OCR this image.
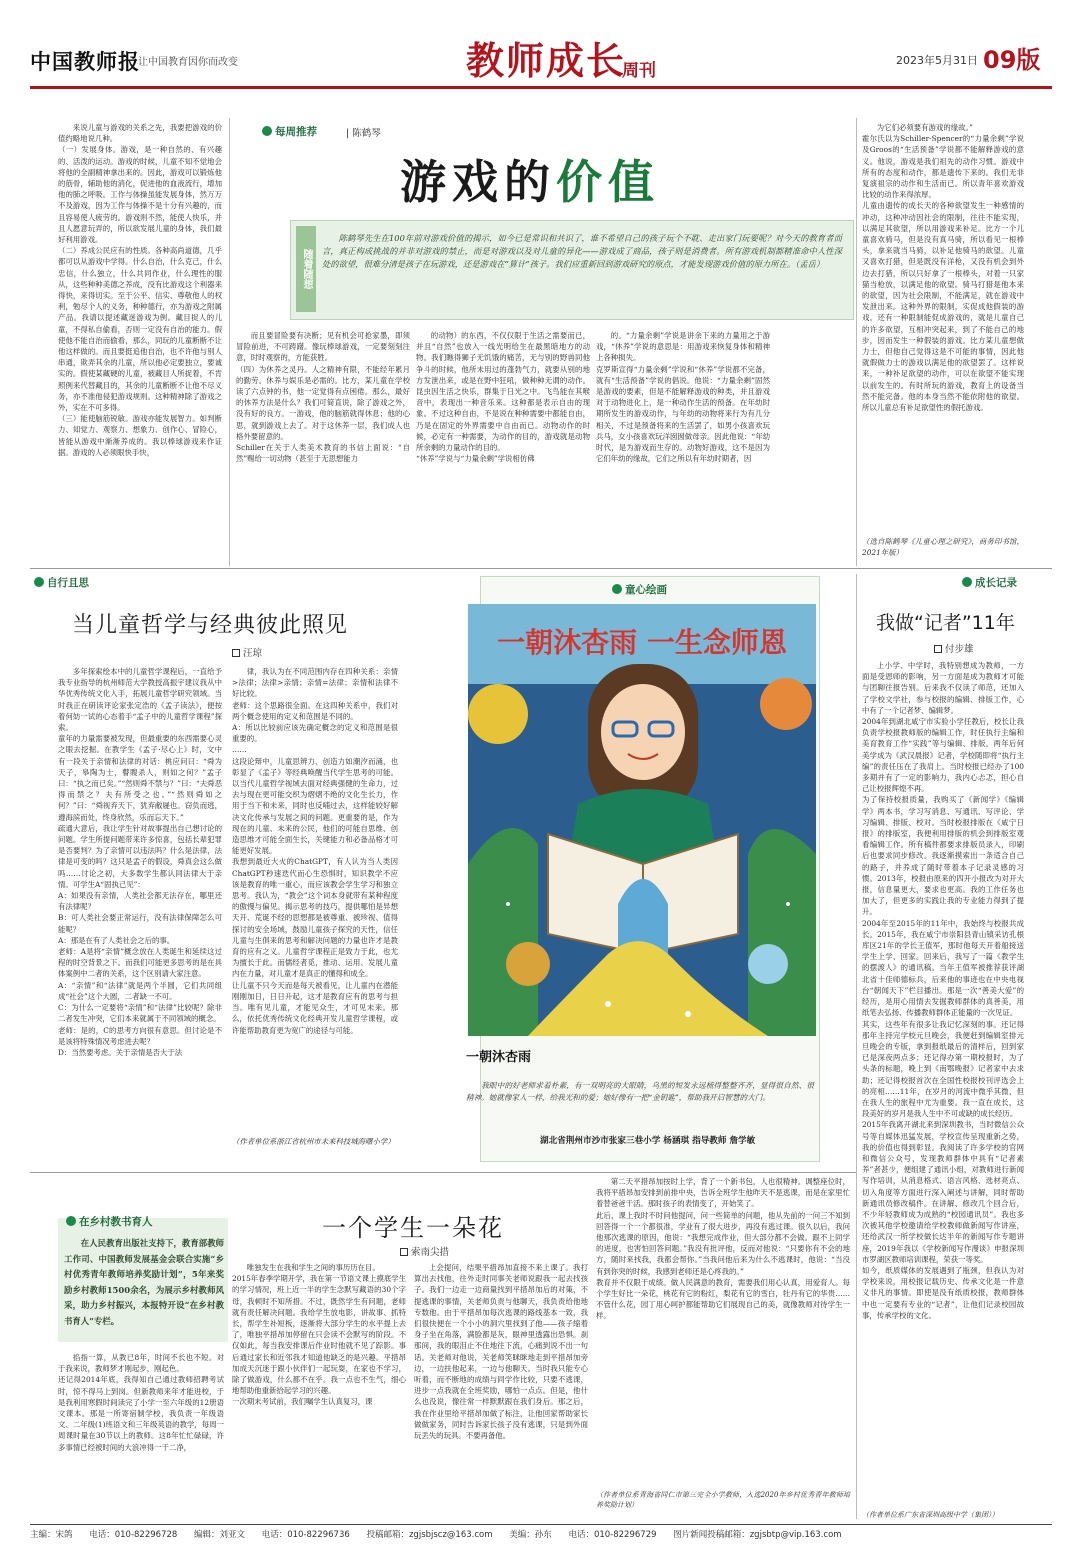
中国教师报
让中国教育因你而改变	教师成长
周刊
2023年5月31日 09版
来说儿童与游戏的关系之先，我要把游戏的价值约略地说几种。
（一）发展身体。游戏，是一种自然的、有兴趣的、活泼的运动。游戏的时候，儿童不知不觉地会将他的全副精神拿出来的。因此，游戏可以锻炼他的筋骨，辅助他的消化，促进他的血液流行，增加他的肺之呼吸。工作与体操虽能发展身体，然万万不及游戏，因为工作与体操不是十分有兴趣的，而且容易使人疲劳的。游戏则不然，能使人快乐，并且人愿意玩弄的，所以欲发展儿童的身体，我们最好利用游戏。
（二）养成公民应有的性质。各种高尚道德，几乎都可以从游戏中学得。什么自治，什么克己，什么忠信，什么独立，什么共同作业，什么理性的服从，这些种种美德之养成，没有比游戏这个利器来得快，来得切实。至于公平、信实、尊敬他人的权利，勉尽个人的义务，种种德行，亦为游戏之附属产品。我请以提述藏迷游戏为例。藏目捉人的儿童，不得私自偷看，否则一定没有自治的能力。假使他不能自治而偷看，那么，同玩的儿童断断不让他这样做的。而且要挺追他自治，也不许他与别人串通，欺弄其余的儿童，所以他必定要独立，要诚实的。假使某藏硬的儿童，被藏目人所捉着，不肯照例来代替藏目的，其余的儿童断断不让他不尽义务，亦不准他侵犯游戏规则。这种精神除了游戏之外，实在不可多得。
（三）能使脑筋锐敏。游戏亦能发展智力。如判断力、知觉力、观察力、想象力、创作心、冒险心，皆能从游戏中渐渐养成的。我以棒球游戏来作证据。游戏的人必须眼快手快，
每周推荐	| 陈鹤琴
游戏的价值
随着随想
陈鹤琴先生在100年前对游戏价值的揭示，如今已是常识和共识了，谁不希望自己的孩子玩个不耽、走出家门玩要呢？对今天的教育者而言，真正构成挑战的并非对游戏的禁止，而是对游戏以及对儿童的异化——游戏成了商品，孩子则是消费者。所有游戏机制都精准命中人性深处的欲望，很难分清是孩子在玩游戏，还是游戏在“算计”孩子。我们应重新回到游戏研究的原点，才能发现游戏价值的原力所在。（孟岳）
而且要冒险要有决断；见有机会可抢家墨，即须冒险前进，不可踌躇。像玩棒球游戏，一定要刻刻注意，时时观察的，方能获胜。
（四）为休养之灵丹。人之精神有限，不能经年累月的勤劳。休养与娱乐是必需的。比方，某儿童在学校读了六点钟的书，他一定觉得有点困倦。那么，最好的休养方法是什么？我们可简直说，除了游戏之外，没有好的良方。一游戏，他的脑筋就得休息；他的心思，就到游戏上去了。对于这休养一层，我们成人也格外要留意的。
Schiller在关于人类美术教育的书信上面说：“自然”赐给一切动物（甚至于无思想能力
的动物）的东西，不仅仅限于生活之需要而已，并且“自然”也放入一线光明给生在最黑暗地方的动物。我们瞧得狮子无饥饿的痛苦，无与别的野兽同他争斗的时候，他所未用过的蓬勃气力，就要从别的地方发泄出来，或是在野中狂吼，做种种无谓的动作。昆虫因生活之快乐，群集于日光之中。飞鸟能在其喉音中，表现出一种音乐来。这种都是表示自由的现象。不过这种自由，不是说在种种需要中都能自由，乃是在固定的外界需要中自由而已。动物动作的时候，必定有一种需要，为动作的目的，游戏就是动物所余剩的力量动作的目的。
“休养”学说与“力量余剩”学说相仿佛
的。“力量余剩”学说是讲余下来的力量用之于游戏，“休养”学说的意思是：用游戏来恢复身体和精神上各种损失。
克罗斯宣得“力量余剩”学说和“休养”学说都不完备，就有“生活预备”学说的倡说。他说：“力量余剩”固然是游戏的要素，但是不能解释游戏的种类，并且游戏对于动物进化上，是一种动作生活的预备。在年幼时期所发生的游戏动作，与年幼的动物将来行为有几分相关，不过是预备将来的生活罢了，如男小孩喜欢玩兵马，女小孩喜欢玩洋囡囡做母亲。因此他说：“年幼时代，是为游戏而生存的。动物好游戏，这不是因为它们年幼的缘故，它们之所以有年幼时期者，因
为它们必须要有游戏的缘故。”
霍尔氏以为Schiller-Spencer的“力量余剩”学说及Groos的“生活预备”学说都不能解释游戏的意义。他说，游戏是我们祖先的动作习惯。游戏中所有的态度和动作，都是遗传下来的。我们无非复演祖宗的动作和生活而已。所以青年喜欢游戏比较的动作来得浓厚。
儿童由遗传的成长天的各种欲望发生一种感情的冲动，这种冲动因社会的限制，往往不能实现，以满足其欲望，所以用游戏来补足。比方一个儿童喜欢骑马，但是没有真马骑，所以看见一根棒头，拿来就当马骑，以补足他骑马的欲望。儿童又喜欢打猎，但是既没有洋枪，又没有机会到外边去打猎，所以只好拿了一根棒头，对着一只家猫当枪放，以满足他的欲望。骑马打猎是他本来的欲望，因为社会限制，不能满足，就在游戏中发泄出来。这种外界的限制，实促成他假装的游戏。还有一种限制能促成游戏的，就是儿童自己的许多欲望，互相冲突起来，到了不能自己的地步，因而发生一种假装的游戏。比方某儿童想做力士，但他自己觉得这是不可能的事情，因此他就假做力士的游戏以满足他的欲望罢了。这样说来，一种补足欲望的动作，可以在欲望不能实现以前发生的。有时所玩的游戏，教育上的设备当然不能完备。他的本身当然不能依附他的欲望。所以儿童总有补足欲望性的假托游戏。
（选自陈鹤琴《儿童心理之研究》，商务印书馆，2021年版）
自行且思
当儿童哲学与经典彼此照见
汪琼
多年探索绘本中的儿童哲学课程后，一直给予我专业指导的杭州师范大学教授高振宇建议我从中华优秀传统文化入手，拓展儿童哲学研究领域。当时我正在研读评论家张定浩的《孟子读法》，便按着何妨一试的心态着手“孟子中的儿童哲学课程”探索。
童年的力量需要被发现，但最重要的东西需要心灵之眼去挖掘。在教学生《孟子·尽心上》时，文中有一段关于亲情和法律的对话：桃应问曰：“舜为天子，皋陶为士，瞽瞍杀人，则如之何？”孟子曰：“执之而已矣。”“然则舜不禁与？”曰：“夫舜恶得而禁之？夫有所受之也。”“然则舜如之何？”曰：“舜视弃天下，犹弃敝屣也。窃负而逃，遵海滨而处，终身欣然，乐而忘天下。”
疏通大意后，我让学生针对故事提出自己想讨论的问题。学生所提问题带来许多惊喜，包括长辈犯罪是否要判？为了亲情可以违法吗？什么是法律，法律是可变的吗？这只是孟子的假设，舜真会这么做吗……讨论之初，大多数学生都认同法律大于亲情。可学生A“固执己见”：
A：如果没有亲情，人类社会都无法存在，哪里还有法律呢？
B：可人类社会要正常运行，没有法律保障怎么可能呢？
A：那是在有了人类社会之后的事。
老师：A是将“亲情”概念放在人类诞生和延续这过程的时空背景之下。而我们可能更多思考的是在具体案例中二者的关系，这个区别请大家注意。
A：“亲情”和“法律”就是两个半圆，它们共同组成“社会”这个大圆，二者缺一不可。
C：为什么一定要将“亲情”和“法律”比较呢？除非二者发生冲突，它们本来就属于不同领域的概念。
老师：是的，C的思考方向很有意思。但讨论是不是该将特殊情况考虑进去呢？
D：当然要考虑。关于亲情是否大于法
律，我认为在不同范围内存在四种关系：亲情>法律；法律>亲情；亲情=法律；亲情和法律不好比较。
老师：这个思路很全面。在这四种关系中，我们对两个概念使用的定义和范围是不同的。
A：所以比较前应该先确定概念的定义和范围是很重要的。
……
这段论辩中，儿童思辨力、创造力如潮汐而涌，也彰显了《孟子》等经典唤醒当代学生思考的可能。以当代儿童哲学视域去面对经典强健的生命力，过去与现在更可能交织为熠熠不绝的文化生长力，作用于当下和未来，同时也反哺过去，这样能较好解决文化传承与发展之间的问题。更重要的是，作为现在的儿童、未来的公民，他们的可能自思维、创造思维才可能全面生长，关键能力和必备品格才可能更好发展。
我想到最近大火的ChatGPT，有人认为当人类因ChatGPT秒速迭代而心生恐惧时，知识教学不应该是教育的唯一重心，而应该教会学生学习和独立思考。我认为，“教会”这个词本身就带有某种程度的傲慢与偏见。揭示思考的技巧，提供哪怕是异想天开、荒诞不经的思想都是被尊重、被珍视、值得探讨的安全场域，鼓励儿童孩子探究的天性，信任儿童与生俱来的思考和解决问题的力量也许才是教育的应有之义。儿童哲学课程正是致力于此，也尤为擅长于此。而儒经者觅，推动、运用、发展儿童内在力量，对儿童才是真正的懂得和成全。
让儿童不只今天而是每天被看见，让儿童内在潜能刚刚加日，日日升起，这才是教育应有的思考与担当。唯有见儿童，才能见众生，才可见未来。那么，依托优秀传统文化经典开发儿童哲学课程，或许能帮助教育更为宽广的途径与可能。
（作者单位系浙江省杭州市未来科技城海曙小学）
童心绘画
一朝沐杏雨 一生念师恩
一朝沐杏雨
我眼中的好老师求着朴素，有一双明亮的大眼睛，乌黑的短发永远梳得整整齐齐，显得很自然、很精神。她就像家人一样，给我光和的爱；她好像有一把“金钥匙”，帮助我开启智慧的大门。
湖北省荆州市沙市张家三巷小学 杨涵琪 指导教师 詹学敏
成长记录
我做“记者”11年
付步雄
上小学、中学时，我特别想成为教师，一方面是受恩师的影响，另一方面是成为教师才可能与团聊往报告别。后来我不仅读了师范，还加入了学校文学社，参与校报的编辑、排版工作，心中有了一个记者梦、编辑梦。
2004年到湖北咸宁市实验小学任教后，校长让我负责学校报教师版的编辑工作，时任执行主编和美育教育工作“实践”等与编辑、排版。两年后何美学成为《武汉晨报》记者，学校随即将“执行主编”的责任压在了我肩上。当时校报已经办了100多期并有了一定的影响力，我内心忐忑，担心自己让校报辉煌不再。
为了保持校报质量，我购买了《新闻学》《编辑学》两本书，学习写消息、写通讯、写评论、学习编辑、排版、校对。当时校报排版在《咸宁日报》的排版室，我便利用排版的机会到排版室观看编辑工作。所有稿件都要求排版员录入，印刷后也要求同步修改。我逐渐摸索出一条适合自己的路子，并养成了随时带着本子记录灵感的习惯。2013年，校报由原来的四开小报改为对开大报，信息量更大，要求也更高。我的工作任务也加大了，但更多的实践让我的专业能力得到了提升。
2004年至2015年的11年中，我始终与校报共成长。2015年，我在咸宁市崇阳县青山镇采访孔根库区21年的学长王值军，那时他每天开着船接送学生上学、回家。回来后，我写了一篇《教学生的摆渡人》的通讯稿。当年王值军被推荐获评湖北省十佳师德标兵，后来他的事迹也在中央电视台“朝闻天下”栏目播出。那是一次“善美大爱”的经历，是用心用情去发掘教师群体的真善美，用纸笔去弘扬、传播教师群体正能量的一次见证。
其实，这些年有很多让我记忆深刻的事。还记得那年主持完学校元旦晚会，我便赶到编辑室排元旦晚会的专版，拿到报纸最后的清样后，回到家已是深夜两点多；还记得办第一期校报时，为了头条的标题，晚上到《南鄂晚报》记者家中去求助；还记得校报首次在全国性校报校刊评选会上的亮相……11年，在岁月的河流中微乎其微，但在我人生的旅程中尤为重要。我一直在成长，这段美好的岁月是我人生中不可或缺的成长经历。
2015年我离开湖北来到深圳教书，当时微信公众号等自媒体迅猛发展，学校宣传呈现重新之势，我的价值也得到彰显。我阅读了许多学校的官网和微信公众号，发现教师群体中具有“记者素养”者甚少，便组建了通讯小组，对教师进行新闻写作培训，从消息格式、语言风格、选材亮点、切入角度等方面进行深入阐述与讲解，同时帮助新通讯员修改稿件。在讲解、修改几个回合后，不少年轻教师成为成熟的“校园通讯员”。我也多次被其他学校邀请给学校教师做新闻写作讲座，还给武汉一所学校做长达半年的新闻写作专题讲座，2019年我以《学校新闻写作漫谈》申报深圳市罗湖区教师培训课程，荣获一等奖。
如今，纸质媒体的发展遇到了瓶颈，但我认为对学校来说，用校报记载历史、传承文化是一件意义非凡的事情。即使是没有纸质校报，教师群体中也一定要有专业的“记者”，让他们记录校园故事，传承学校的文化。
（作者单位系广东省深圳高级中学（集团））
在乡村教书育人
在人民教育出版社支持下，教育部教师工作司、中国教师发展基金会联合实施“乡村优秀青年教师培养奖励计划”，5年来奖励乡村教师1500余名，为展示乡村教师风采，助力乡村振兴，本报特开设“在乡村教书育人”专栏。
一个学生一朵花
索南尖措
掐指一算，从教已8年，时间不长也不短。对于我来说，教师梦才刚起步，刚起色。
还记得2014年底，我得知自己通过教师招聘考试时，惊不得马上到岗。但新教师来年才能进校，于是我利用寒假时间读完了小学一至六年级的12册语文课本。那是一所寄宿制学校，我负责一年级语文、二年级(1)班语文和三年级英语的教学，每周一周课时量在30节以上的教师。这8年忙忙碌碌，许多事情已经被时间的大浪冲得一干二净，
唯独发生在我和学生之间的事历历在目。
2015年春季学期开学，我在第一节语文课上摸底学生的学习情况，班上近一半的学生念默写藏语的30个字母，我顿时不知所措。不过，既然学生有问题，老师就有责任解决问题。我给学生放电影，讲故事、抓特长，帮学生补短板，逐渐将大部分学生的水平提上去了，唯独平措昂加停留在只会读不会默写的阶段。不仅如此，每当我安排课后作业时他就不见了踪影。事后通过家长和近邻我才知道他缺乏的是兴趣。平措昂加成天沉迷于跟小伙伴们一起玩耍，在家也不学习，除了做游戏，什么都不在乎。我一点也不生气，细心地帮助他重新拾起学习的兴趣。
一次期末考试前，我们嘱学生认真复习，课
上会提问，结果平措昂加直接不来上课了。我打算出去找他，往外走时同事关老师说跟我一起去找孩子。我们一边走一边商量找到平措昂加后的对策，不提逃课的事情，关老师负责与他聊天，我负责给他地专数他。由于平措昂加每次逃课的路线基本一致，我们很快便在一个小小的洞穴里找到了他——孩子缩着身子坐在角落，满脸都是灰，眼神里透露出恐惧。刹那间，我的眼泪止不住地往下流，心痛到说不出一句话。关老师对他说，关老师笑眯眯地走到平措昂加旁边，一边扶他起来，一边与他聊天。当时我只能专心听着，而不断地的成绩与同学作比较，只要不逃课，进步一点我就在全班奖励，哪怕一点点。但是，他什么也没说，像往常一样默默跟在我们身后。那之后，我在作业里给平措昂加做了标注，让他回家帮助家长做做家务，同时告诉家长孩子没有逃课，只是到外面玩丢失的玩具。不要再备他。
第二天平措昂加按时上学，背了一个新书包，人也很精神。调整座位时，我将平措昂加安排到前排中央，告诉全班学生他昨天不是逃课，而是在家里忙着替爸爸干活。那时孩子的表情变了，开始笑了。
此后，课上我时不时问他提问，问一些简单的问题，他从先前的一问三不知到回答得一个一个都很准，学业有了很大进步，再没有逃过课。很久以后，我问他那次逃课的原因，他说：“我想完成作业，但大部分都不会做。跟不上同学的进度，也害怕回答问题。”我没有批评他，反而对他说：“只要你有不会的地方，随时来找我，我都会帮你。”当我问他后来为什么不逃课时，他说：“当没有到你突的时候，我感到老师还是心疼我的。”
教育并不仅限于成绩。做人民满意的教育，需要我们用心认真，用爱育人。每个学生好比一朵花，桃花有它的粉红，梨花有它的雪白，牡丹有它的华贵……不管什么花，园丁用心呵护都能帮助它们展现自己的美，就像教师对待学生一样。
（作者单位系青海省同仁市第三完全小学教师，入选2020年乡村优秀青年教师培养奖励计划）
主编：宋鸽 电话：010-82296728 编辑：刘亚文 电话：010-82296736 投稿邮箱：zgjsbjscz@163.com 美编：孙东 电话：010-82296729 图片新闻投稿邮箱：zgjsbtp@vip.163.com
